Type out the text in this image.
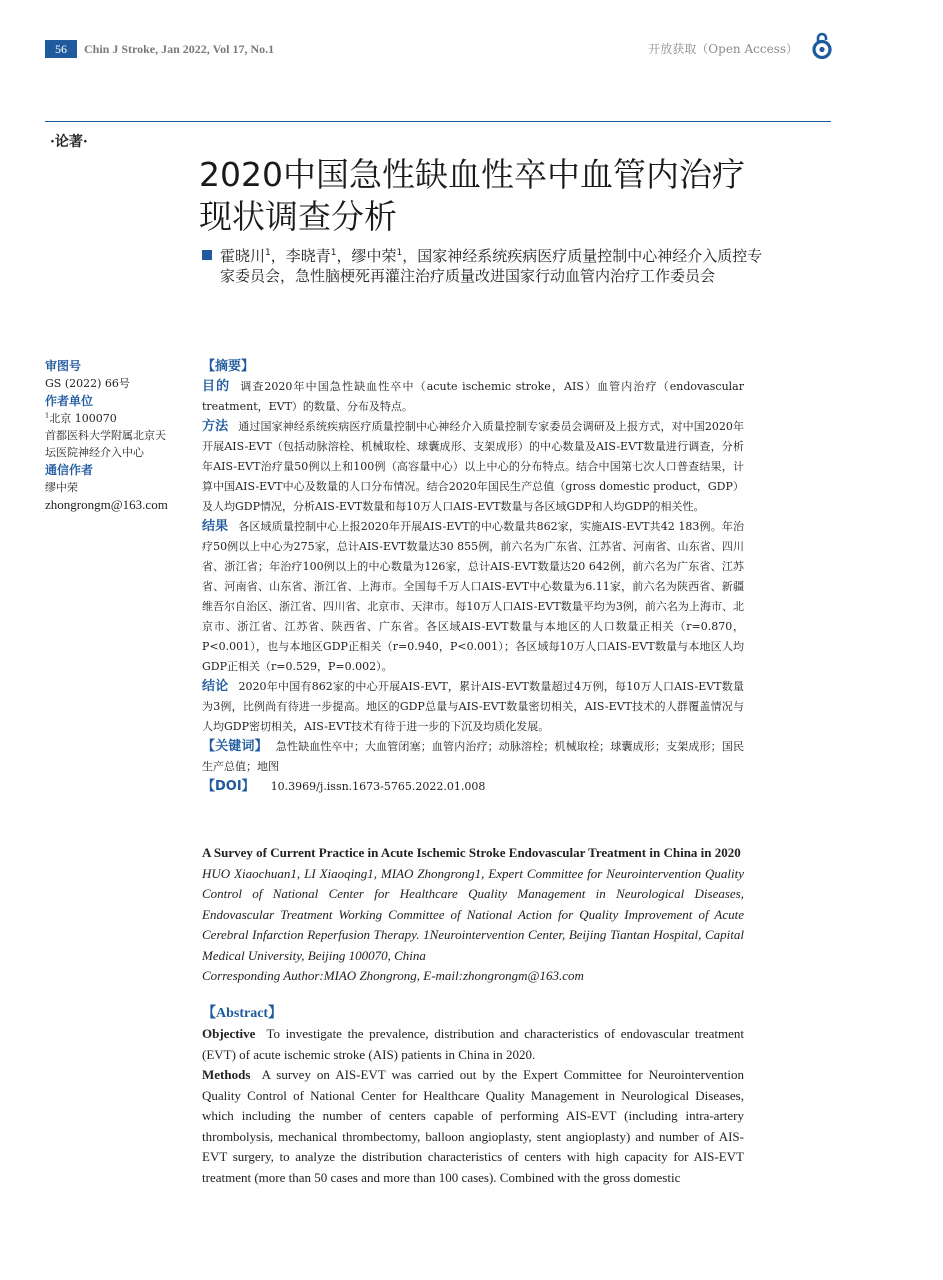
56	Chin J Stroke, Jan 2022, Vol 17, No.1	开放获取（Open Access）
·论著·
2020中国急性缺血性卒中血管内治疗
现状调查分析
霍晓川$^1$，李晓青$^1$，缪中荣$^1$，国家神经系统疾病医疗质量控制中心神经介入质控专
家委员会，急性脑梗死再灌注治疗质量改进国家行动血管内治疗工作委员会
审图号
GS (2022) 66号
作者单位
$^1$北京 100070
首都医科大学附属北京天
坛医院神经介入中心
通信作者
缪中荣
zhongrongm@163.com

【摘要】

目的 调查2020年中国急性缺血性卒中（acute ischemic stroke，AIS）血管内治疗（endovascular treatment，EVT）的数量、分布及特点。

方法 通过国家神经系统疾病医疗质量控制中心神经介入质量控制专家委员会调研及上报方式，对中国2020年开展AIS-EVT（包括动脉溶栓、机械取栓、球囊成形、支架成形）的中心数量及AIS-EVT数量进行调查，分析年AIS-EVT治疗量50例以上和100例（高容量中心）以上中心的分布特点。结合中国第七次人口普查结果，计算中国AIS-EVT中心及数量的人口分布情况。结合2020年国民生产总值（gross domestic product，GDP）及人均GDP情况，分析AIS-EVT数量和每10万人口AIS-EVT数量与各区域GDP和人均GDP的相关性。

结果 各区域质量控制中心上报2020年开展AIS-EVT的中心数量共862家，实施AIS-EVT共42 183例。年治疗50例以上中心为275家，总计AIS-EVT数量达30 855例，前六名为广东省、江苏省、河南省、山东省、四川省、浙江省；年治疗100例以上的中心数量为126家，总计AIS-EVT数量达20 642例，前六名为广东省、江苏省、河南省、山东省、浙江省、上海市。全国每千万人口AIS-EVT中心数量为6.11家，前六名为陕西省、新疆维吾尔自治区、浙江省、四川省、北京市、天津市。每10万人口AIS-EVT数量平均为3例，前六名为上海市、北京市、浙江省、江苏省、陕西省、广东省。各区域AIS-EVT数量与本地区的人口数量正相关（r=0.870，P<0.001），也与本地区GDP正相关（r=0.940，P<0.001）；各区域每10万人口AIS-EVT数量与本地区人均GDP正相关（r=0.529，P=0.002）。

结论 2020年中国有862家的中心开展AIS-EVT，累计AIS-EVT数量超过4万例，每10万人口AIS-EVT数量为3例，比例尚有待进一步提高。地区的GDP总量与AIS-EVT数量密切相关，AIS-EVT技术的人群覆盖情况与人均GDP密切相关，AIS-EVT技术有待于进一步的下沉及均质化发展。

【关键词】 急性缺血性卒中；大血管闭塞；血管内治疗；动脉溶栓；机械取栓；球囊成形；支架成形；国民生产总值；地图

【DOI】 10.3969/j.issn.1673-5765.2022.01.008

A Survey of Current Practice in Acute Ischemic Stroke Endovascular Treatment in China in 2020

HUO Xiaochuan1, LI Xiaoqing1, MIAO Zhongrong1, Expert Committee for Neurointervention Quality Control of National Center for Healthcare Quality Management in Neurological Diseases, Endovascular Treatment Working Committee of National Action for Quality Improvement of Acute Cerebral Infarction Reperfusion Therapy. 1Neurointervention Center, Beijing Tiantan Hospital, Capital Medical University, Beijing 100070, China

Corresponding Author:MIAO Zhongrong, E-mail:zhongrongm@163.com

【Abstract】

Objective To investigate the prevalence, distribution and characteristics of endovascular treatment (EVT) of acute ischemic stroke (AIS) patients in China in 2020.

Methods A survey on AIS-EVT was carried out by the Expert Committee for Neurointervention Quality Control of National Center for Healthcare Quality Management in Neurological Diseases, which including the number of centers capable of performing AIS-EVT (including intra-artery thrombolysis, mechanical thrombectomy, balloon angioplasty, stent angioplasty) and number of AIS-EVT surgery, to analyze the distribution characteristics of centers with high capacity for AIS-EVT treatment (more than 50 cases and more than 100 cases). Combined with the gross domestic
